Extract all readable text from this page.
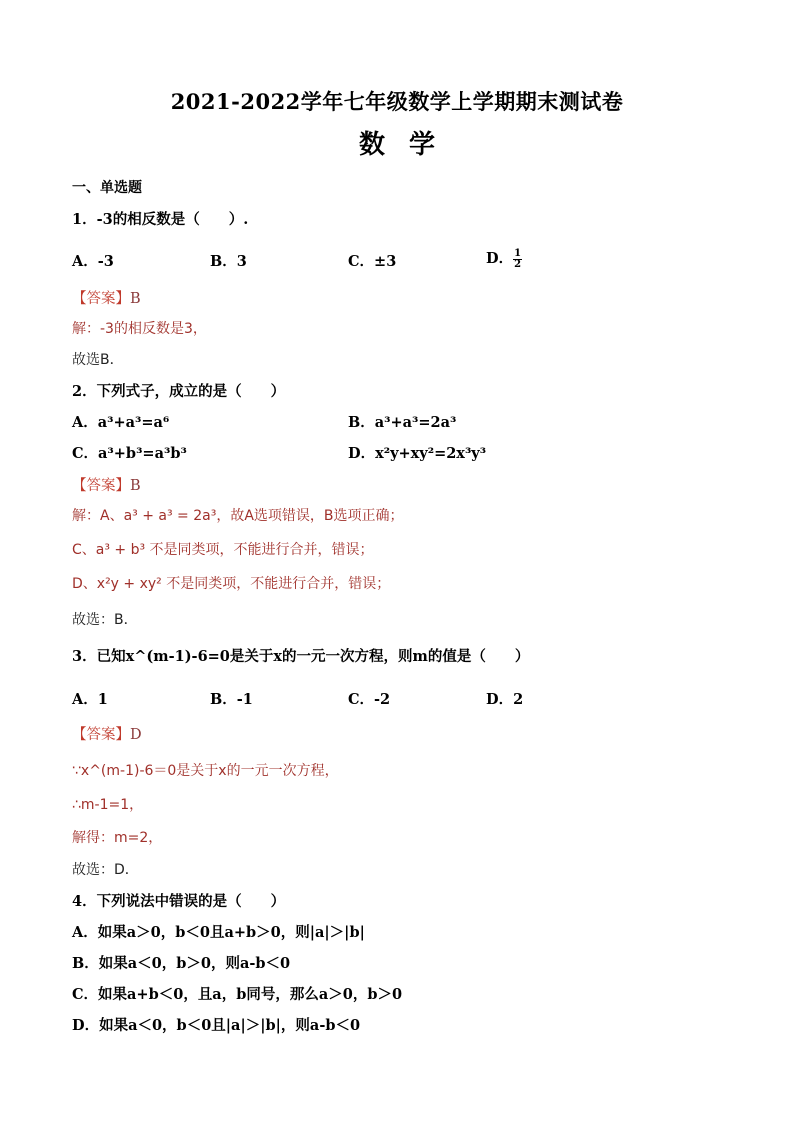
2021-2022学年七年级数学上学期期末测试卷
数学
一、单选题
1．-3的相反数是（　　）.
A．-3	B．3	C．±3	D． $\frac{1}{2}$
【答案】B
解：-3的相反数是3，
故选B．
2．下列式子，成立的是（　　）
A．a³+a³=a⁶	B．a³+a³=2a³
C．a³+b³=a³b³	D．x²y+xy²=2x³y³
【答案】B
解：A、a³ + a³ = 2a³，故A选项错误，B选项正确；
C、a³ + b³ 不是同类项，不能进行合并，错误；
D、x²y + xy² 不是同类项，不能进行合并，错误；
故选：B．
3．已知x^(m-1)-6=0是关于x的一元一次方程，则m的值是（　　）
A．1	B．-1	C．-2	D．2
【答案】D
∵x^(m-1)-6＝0是关于x的一元一次方程，
∴m-1=1，
解得：m=2，
故选：D．
4．下列说法中错误的是（　　）
A．如果a＞0，b＜0且a+b＞0，则|a|＞|b|
B．如果a＜0，b＞0，则a-b＜0
C．如果a+b＜0，且a，b同号，那么a＞0，b＞0
D．如果a＜0，b＜0且|a|＞|b|，则a-b＜0
